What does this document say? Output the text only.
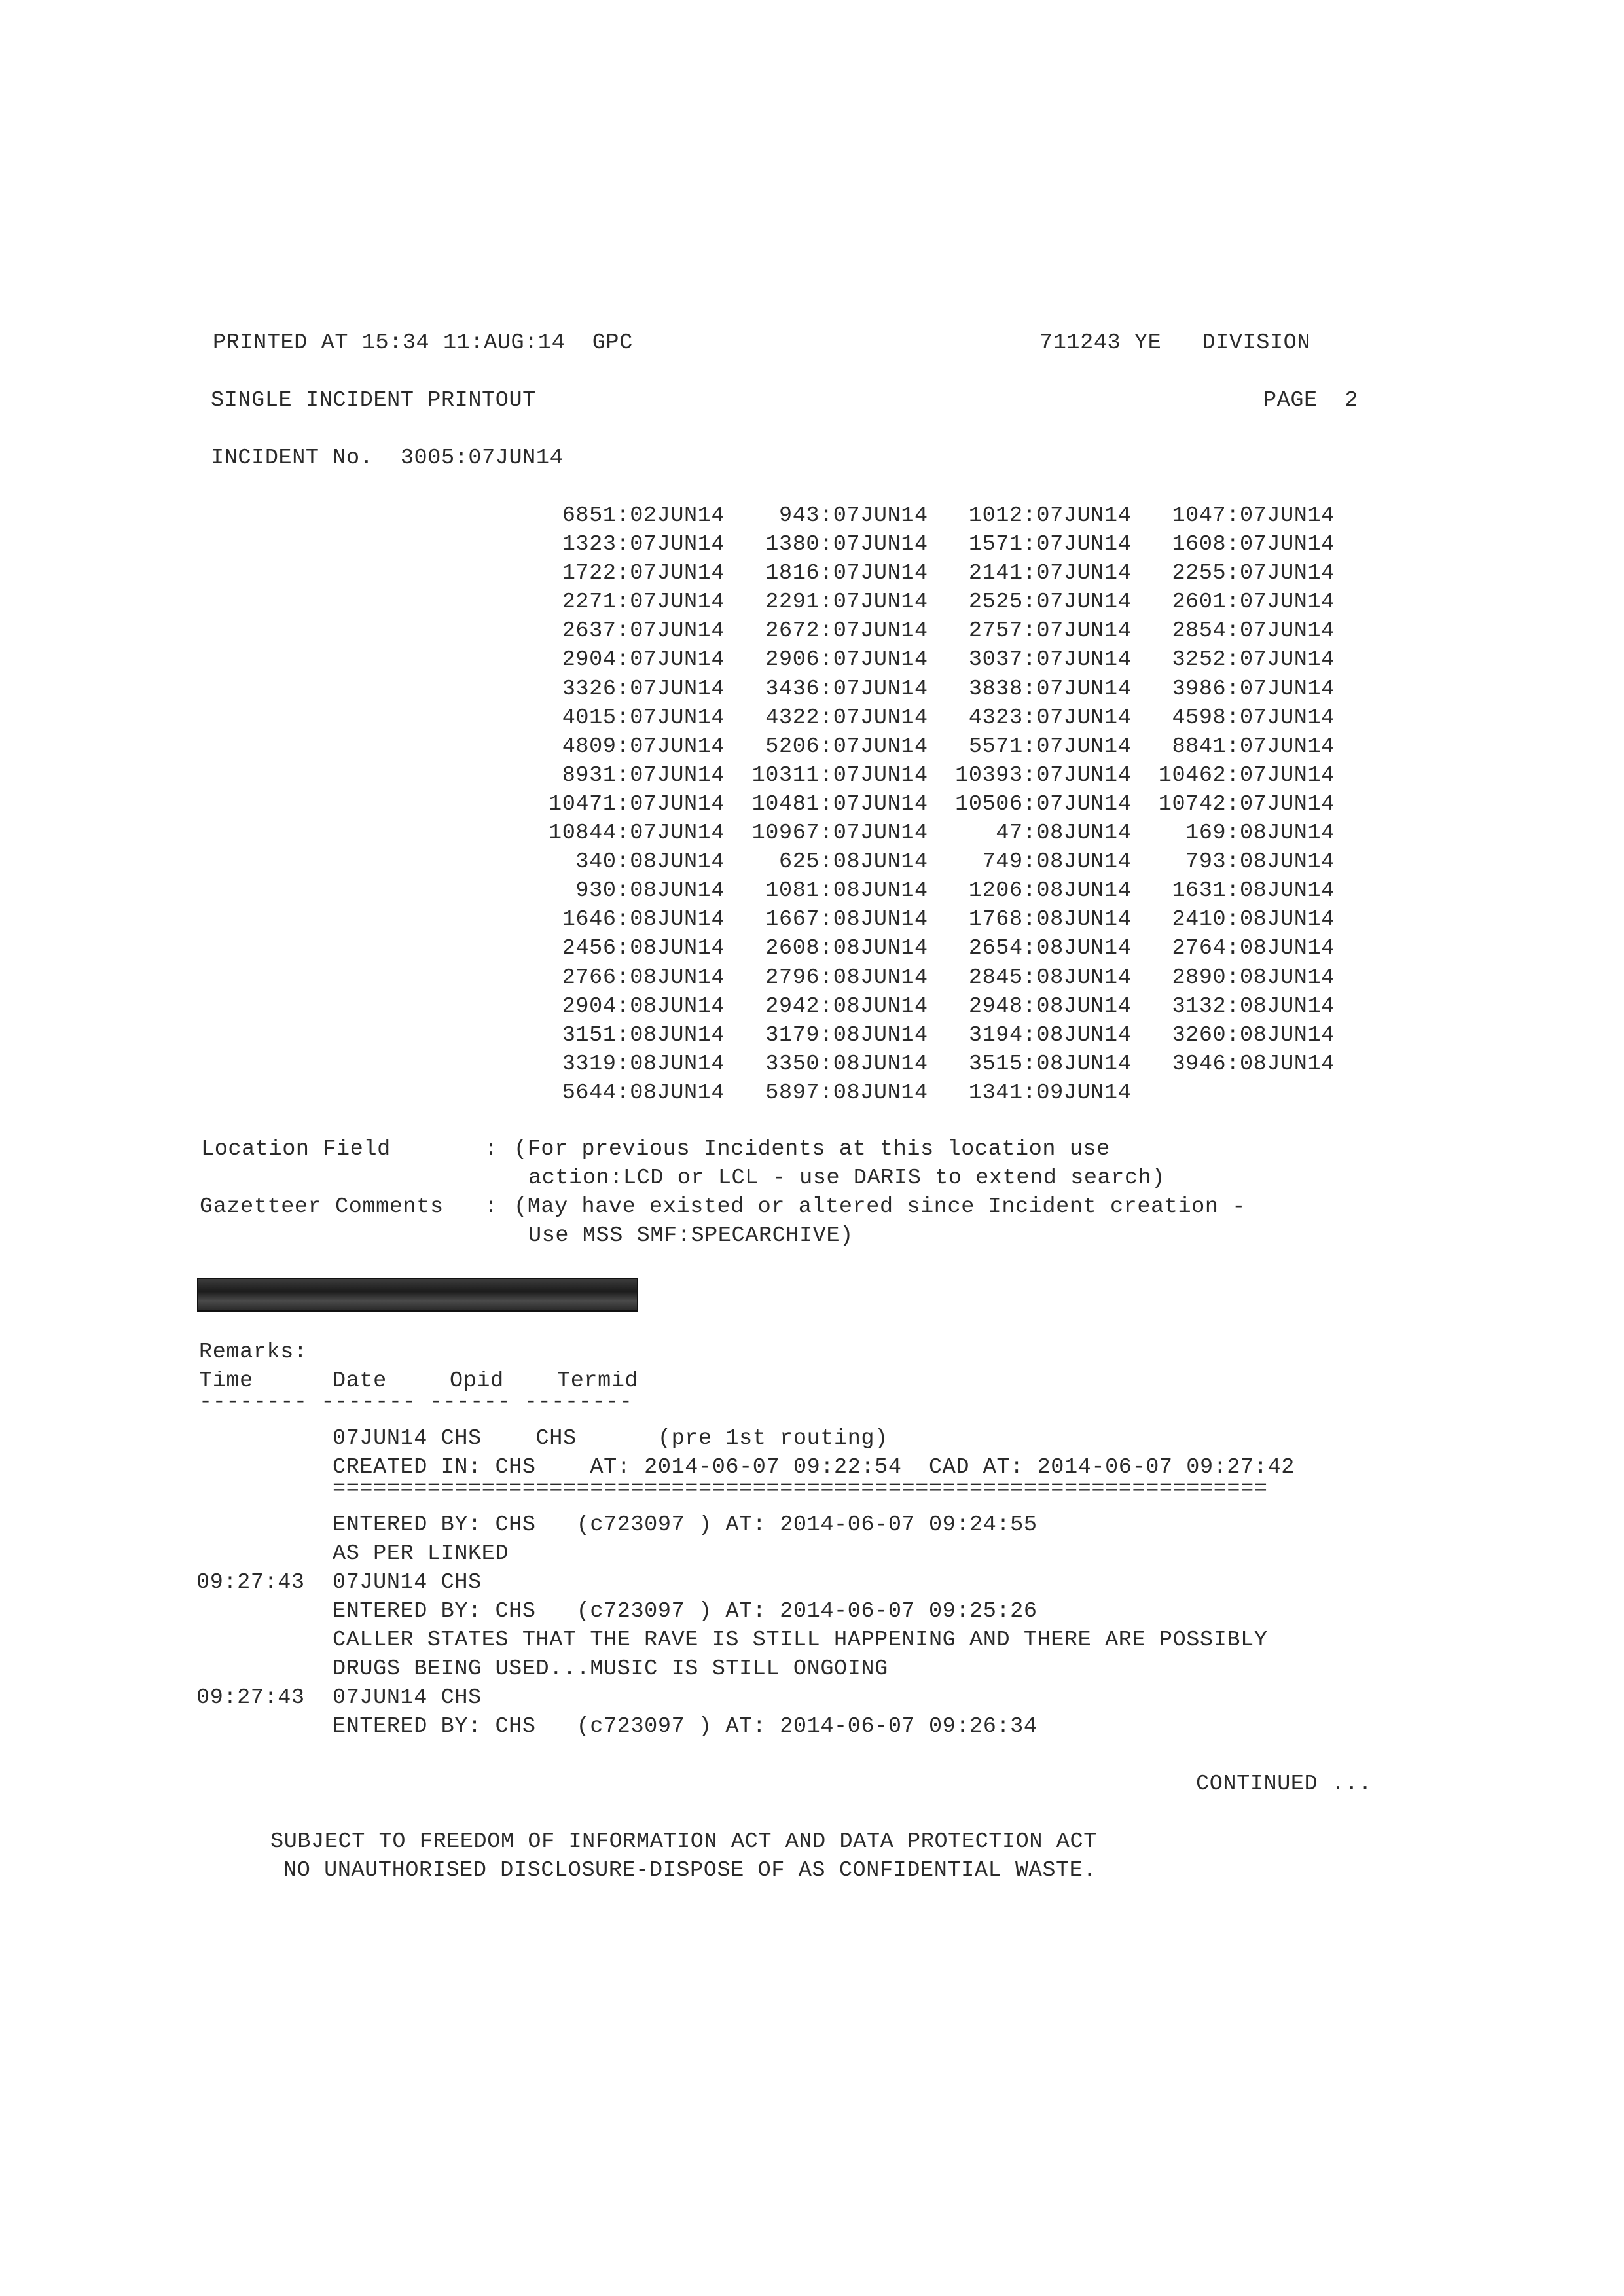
PRINTED AT 15:34 11:AUG:14  GPC	711243 YE   DIVISION
SINGLE INCIDENT PRINTOUT	PAGE  2
INCIDENT No.  3005:07JUN14
6851:02JUN14    943:07JUN14   1012:07JUN14   1047:07JUN14
1323:07JUN14   1380:07JUN14   1571:07JUN14   1608:07JUN14
1722:07JUN14   1816:07JUN14   2141:07JUN14   2255:07JUN14
2271:07JUN14   2291:07JUN14   2525:07JUN14   2601:07JUN14
2637:07JUN14   2672:07JUN14   2757:07JUN14   2854:07JUN14
2904:07JUN14   2906:07JUN14   3037:07JUN14   3252:07JUN14
3326:07JUN14   3436:07JUN14   3838:07JUN14   3986:07JUN14
4015:07JUN14   4322:07JUN14   4323:07JUN14   4598:07JUN14
4809:07JUN14   5206:07JUN14   5571:07JUN14   8841:07JUN14
8931:07JUN14  10311:07JUN14  10393:07JUN14  10462:07JUN14
10471:07JUN14  10481:07JUN14  10506:07JUN14  10742:07JUN14
10844:07JUN14  10967:07JUN14     47:08JUN14    169:08JUN14
340:08JUN14    625:08JUN14    749:08JUN14    793:08JUN14
930:08JUN14   1081:08JUN14   1206:08JUN14   1631:08JUN14
1646:08JUN14   1667:08JUN14   1768:08JUN14   2410:08JUN14
2456:08JUN14   2608:08JUN14   2654:08JUN14   2764:08JUN14
2766:08JUN14   2796:08JUN14   2845:08JUN14   2890:08JUN14
2904:08JUN14   2942:08JUN14   2948:08JUN14   3132:08JUN14
3151:08JUN14   3179:08JUN14   3194:08JUN14   3260:08JUN14
3319:08JUN14   3350:08JUN14   3515:08JUN14   3946:08JUN14
5644:08JUN14   5897:08JUN14   1341:09JUN14
Location Field	: (For previous Incidents at this location use
action:LCD or LCL - use DARIS to extend search)
Gazetteer Comments : (May have existed or altered since Incident creation -
Use MSS SMF:SPECARCHIVE)
Remarks:
Time	Date	Opid Termid
-------- ------- ------ --------
07JUN14 CHS    CHS      (pre 1st routing)
CREATED IN: CHS    AT: 2014-06-07 09:22:54  CAD AT: 2014-06-07 09:27:42
=====================================================================
ENTERED BY: CHS   (c723097 ) AT: 2014-06-07 09:24:55
AS PER LINKED
09:27:43 07JUN14 CHS
ENTERED BY: CHS   (c723097 ) AT: 2014-06-07 09:25:26
CALLER STATES THAT THE RAVE IS STILL HAPPENING AND THERE ARE POSSIBLY
DRUGS BEING USED...MUSIC IS STILL ONGOING
09:27:43 07JUN14 CHS
ENTERED BY: CHS   (c723097 ) AT: 2014-06-07 09:26:34
CONTINUED ...
SUBJECT TO FREEDOM OF INFORMATION ACT AND DATA PROTECTION ACT
NO UNAUTHORISED DISCLOSURE-DISPOSE OF AS CONFIDENTIAL WASTE.
